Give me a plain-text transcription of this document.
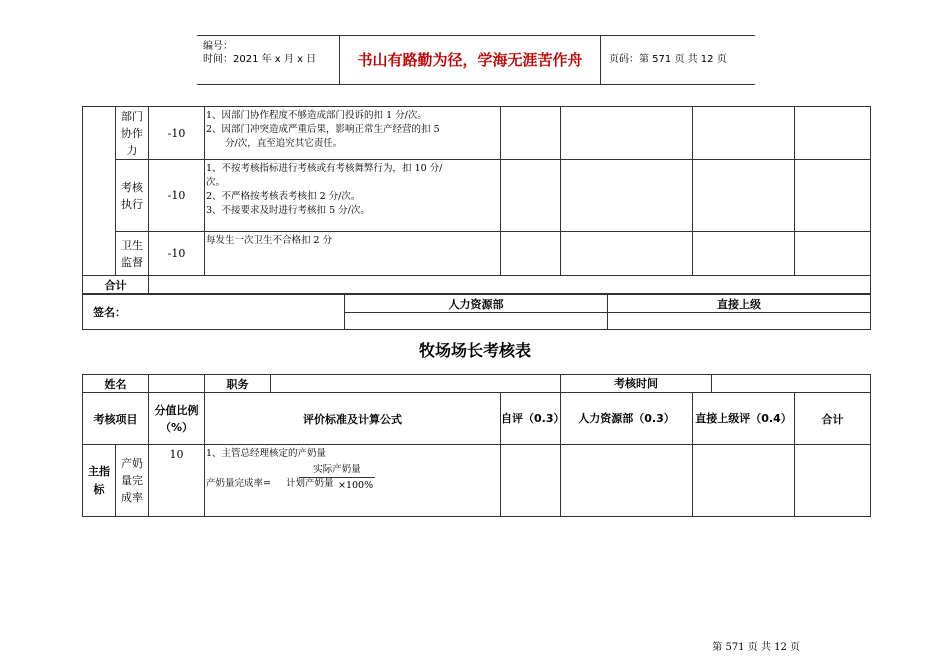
编号：
时间：2021 年 x 月 x 日	书山有路勤为径，学海无涯苦作舟	页码：第 571 页 共 12 页
	部门协作力	-10	1、因部门协作程度不够造成部门投诉的扣 1 分/次。
2、因部门冲突造成严重后果，影响正常生产经营的扣 5
　　分/次，直至追究其它责任。				

	考核执行	-10	1、不按考核指标进行考核或有考核舞弊行为，扣 10 分/
次。
2、不严格按考核表考核扣 2 分/次。
3、不接要求及时进行考核扣 5 分/次。				

	卫生监督	-10	每发生一次卫生不合格扣 2 分				

合计							
签名：	人力资源部	直接上级

牧场场长考核表
姓名			职务			考核时间		

考核项目		分值比例（%）	评价标准及计算公式		自评（0.3）	人力资源部（0.3）	直接上级评（0.4）	合计
主指标	产奶量完成率	10	1、主管总经理核定的产奶量
实际产奶量
产奶量完成率= 计划产奶量 ×100%					

第 571 页 共 12 页
